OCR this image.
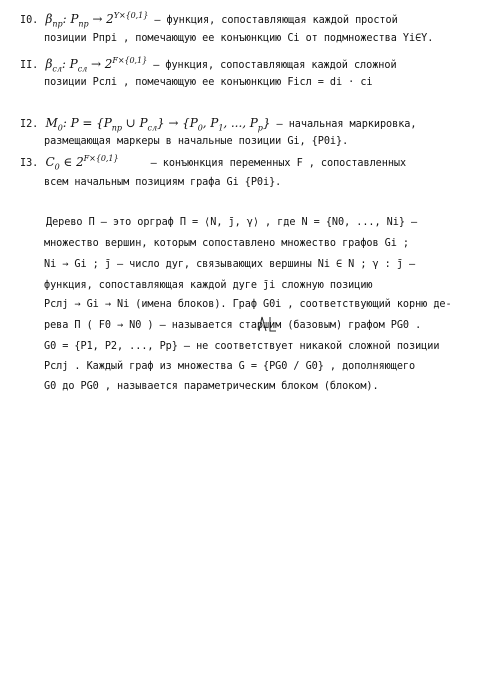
I0. $\beta_{пр}$: $P_{пр} \to 2^{Y\times\{0,1\}}$ – функция, сопоставляющая каждой простой
позиции Pпрi , помечающую ее конъюнкцию Ci от подмножества Yi∈Y.
II. $\beta_{сл}$: $P_{сл} \to 2^{F\times\{0,1\}}$ – функция, сопоставляющая каждой сложной
позиции Pслi , помечающую ее конъюнкцию Fiсл = di · ci
I2. $M_0$: $P = \{P_{пр}$ ∪ $P_{сл}\} \to \{P_0$, $P_1$, ..., $P_p$} – начальная маркировка,
размещающая маркеры в начальные позиции Gi, {P0i}.
I3. $C_0$ ∈ $2^{F\times\{0,1\}}$	– конъюнкция переменных F , сопоставленных
всем начальным позициям графа Gi {P0i}.
Дерево П – это орграф П = ⟨N, ȷ̄, γ⟩ , где N = {N0, ..., Ni} –
множество вершин, которым сопоставлено множество графов Gi ;
Ni → Gi ; ȷ̄ – число дуг, связывающих вершины Ni ∈ N ; γ : ȷ̄ –
функция, сопоставляющая каждой дуге ȷ̄i сложную позицию
Pслj → Gi → Ni (имена блоков). Граф G0i , соответствующий корню де-
рева П ( F0 → N0 ) – называется старшим (базовым) графом PG0 .
G0 = {P1, P2, ..., Pp} – не соответствует никакой сложной позиции
Pслj . Каждый граф из множества G = {PG0 / G0} , дополняющего
G0 до PG0 , называется параметрическим блоком (блоком).
